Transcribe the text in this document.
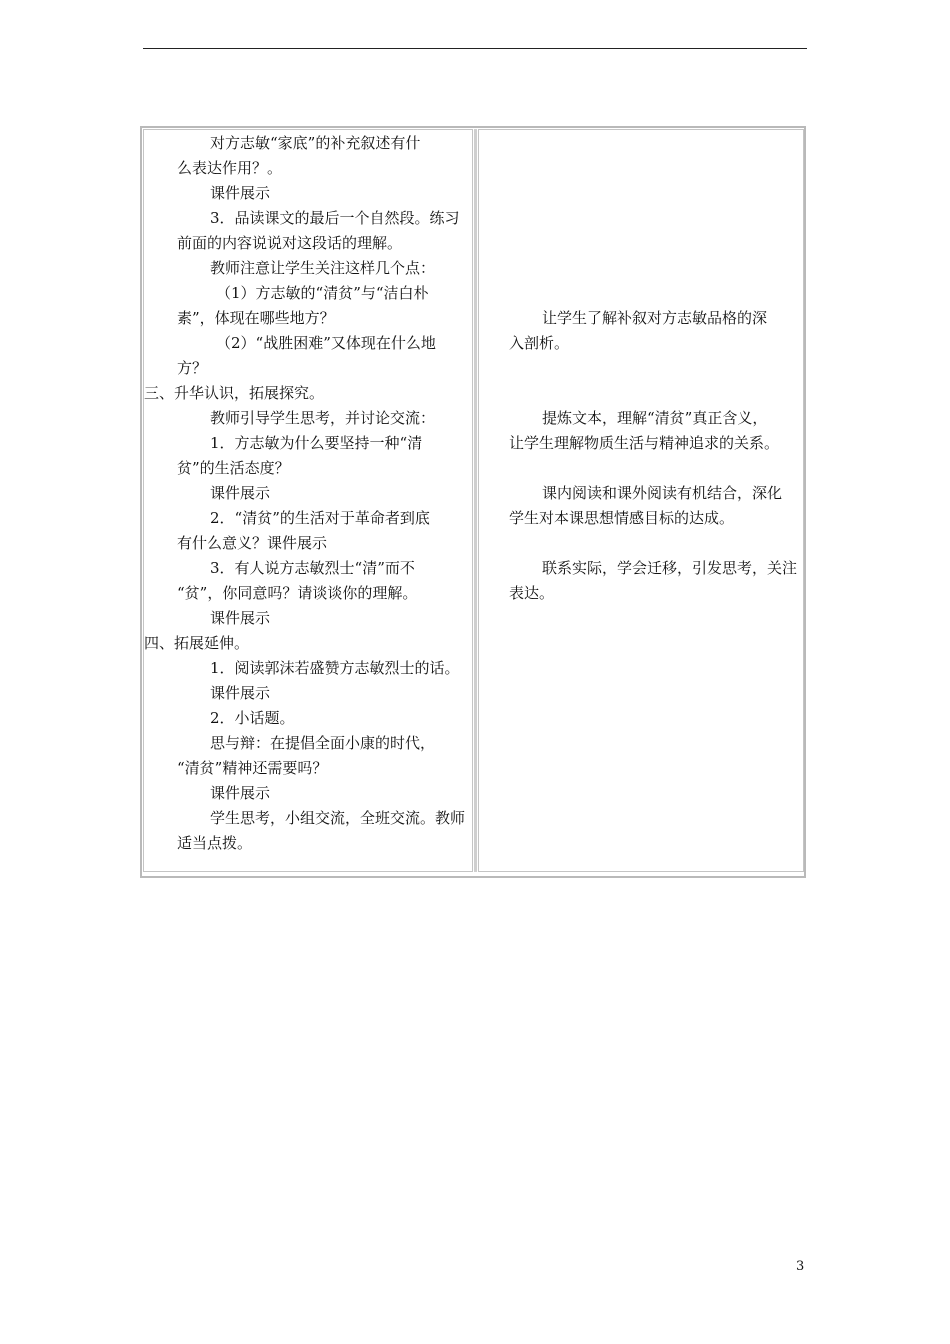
对方志敏“家底”的补充叙述有什
么表达作用？。
课件展示
3．品读课文的最后一个自然段。练习
前面的内容说说对这段话的理解。
教师注意让学生关注这样几个点：
（1）方志敏的“清贫”与“洁白朴
素”，体现在哪些地方？
（2）“战胜困难”又体现在什么地
方？
三、升华认识，拓展探究。
教师引导学生思考，并讨论交流：
1．方志敏为什么要坚持一种“清
贫”的生活态度？
课件展示
2．“清贫”的生活对于革命者到底
有什么意义？课件展示
3．有人说方志敏烈士“清”而不
“贫”，你同意吗？请谈谈你的理解。
课件展示
四、拓展延伸。
1．阅读郭沫若盛赞方志敏烈士的话。
课件展示
2．小话题。
思与辩：在提倡全面小康的时代，
“清贫”精神还需要吗？
课件展示
学生思考，小组交流，全班交流。教师
适当点拨。
让学生了解补叙对方志敏品格的深
入剖析。
提炼文本，理解“清贫”真正含义，
让学生理解物质生活与精神追求的关系。
课内阅读和课外阅读有机结合，深化
学生对本课思想情感目标的达成。
联系实际，学会迁移，引发思考，关注
表达。
3
